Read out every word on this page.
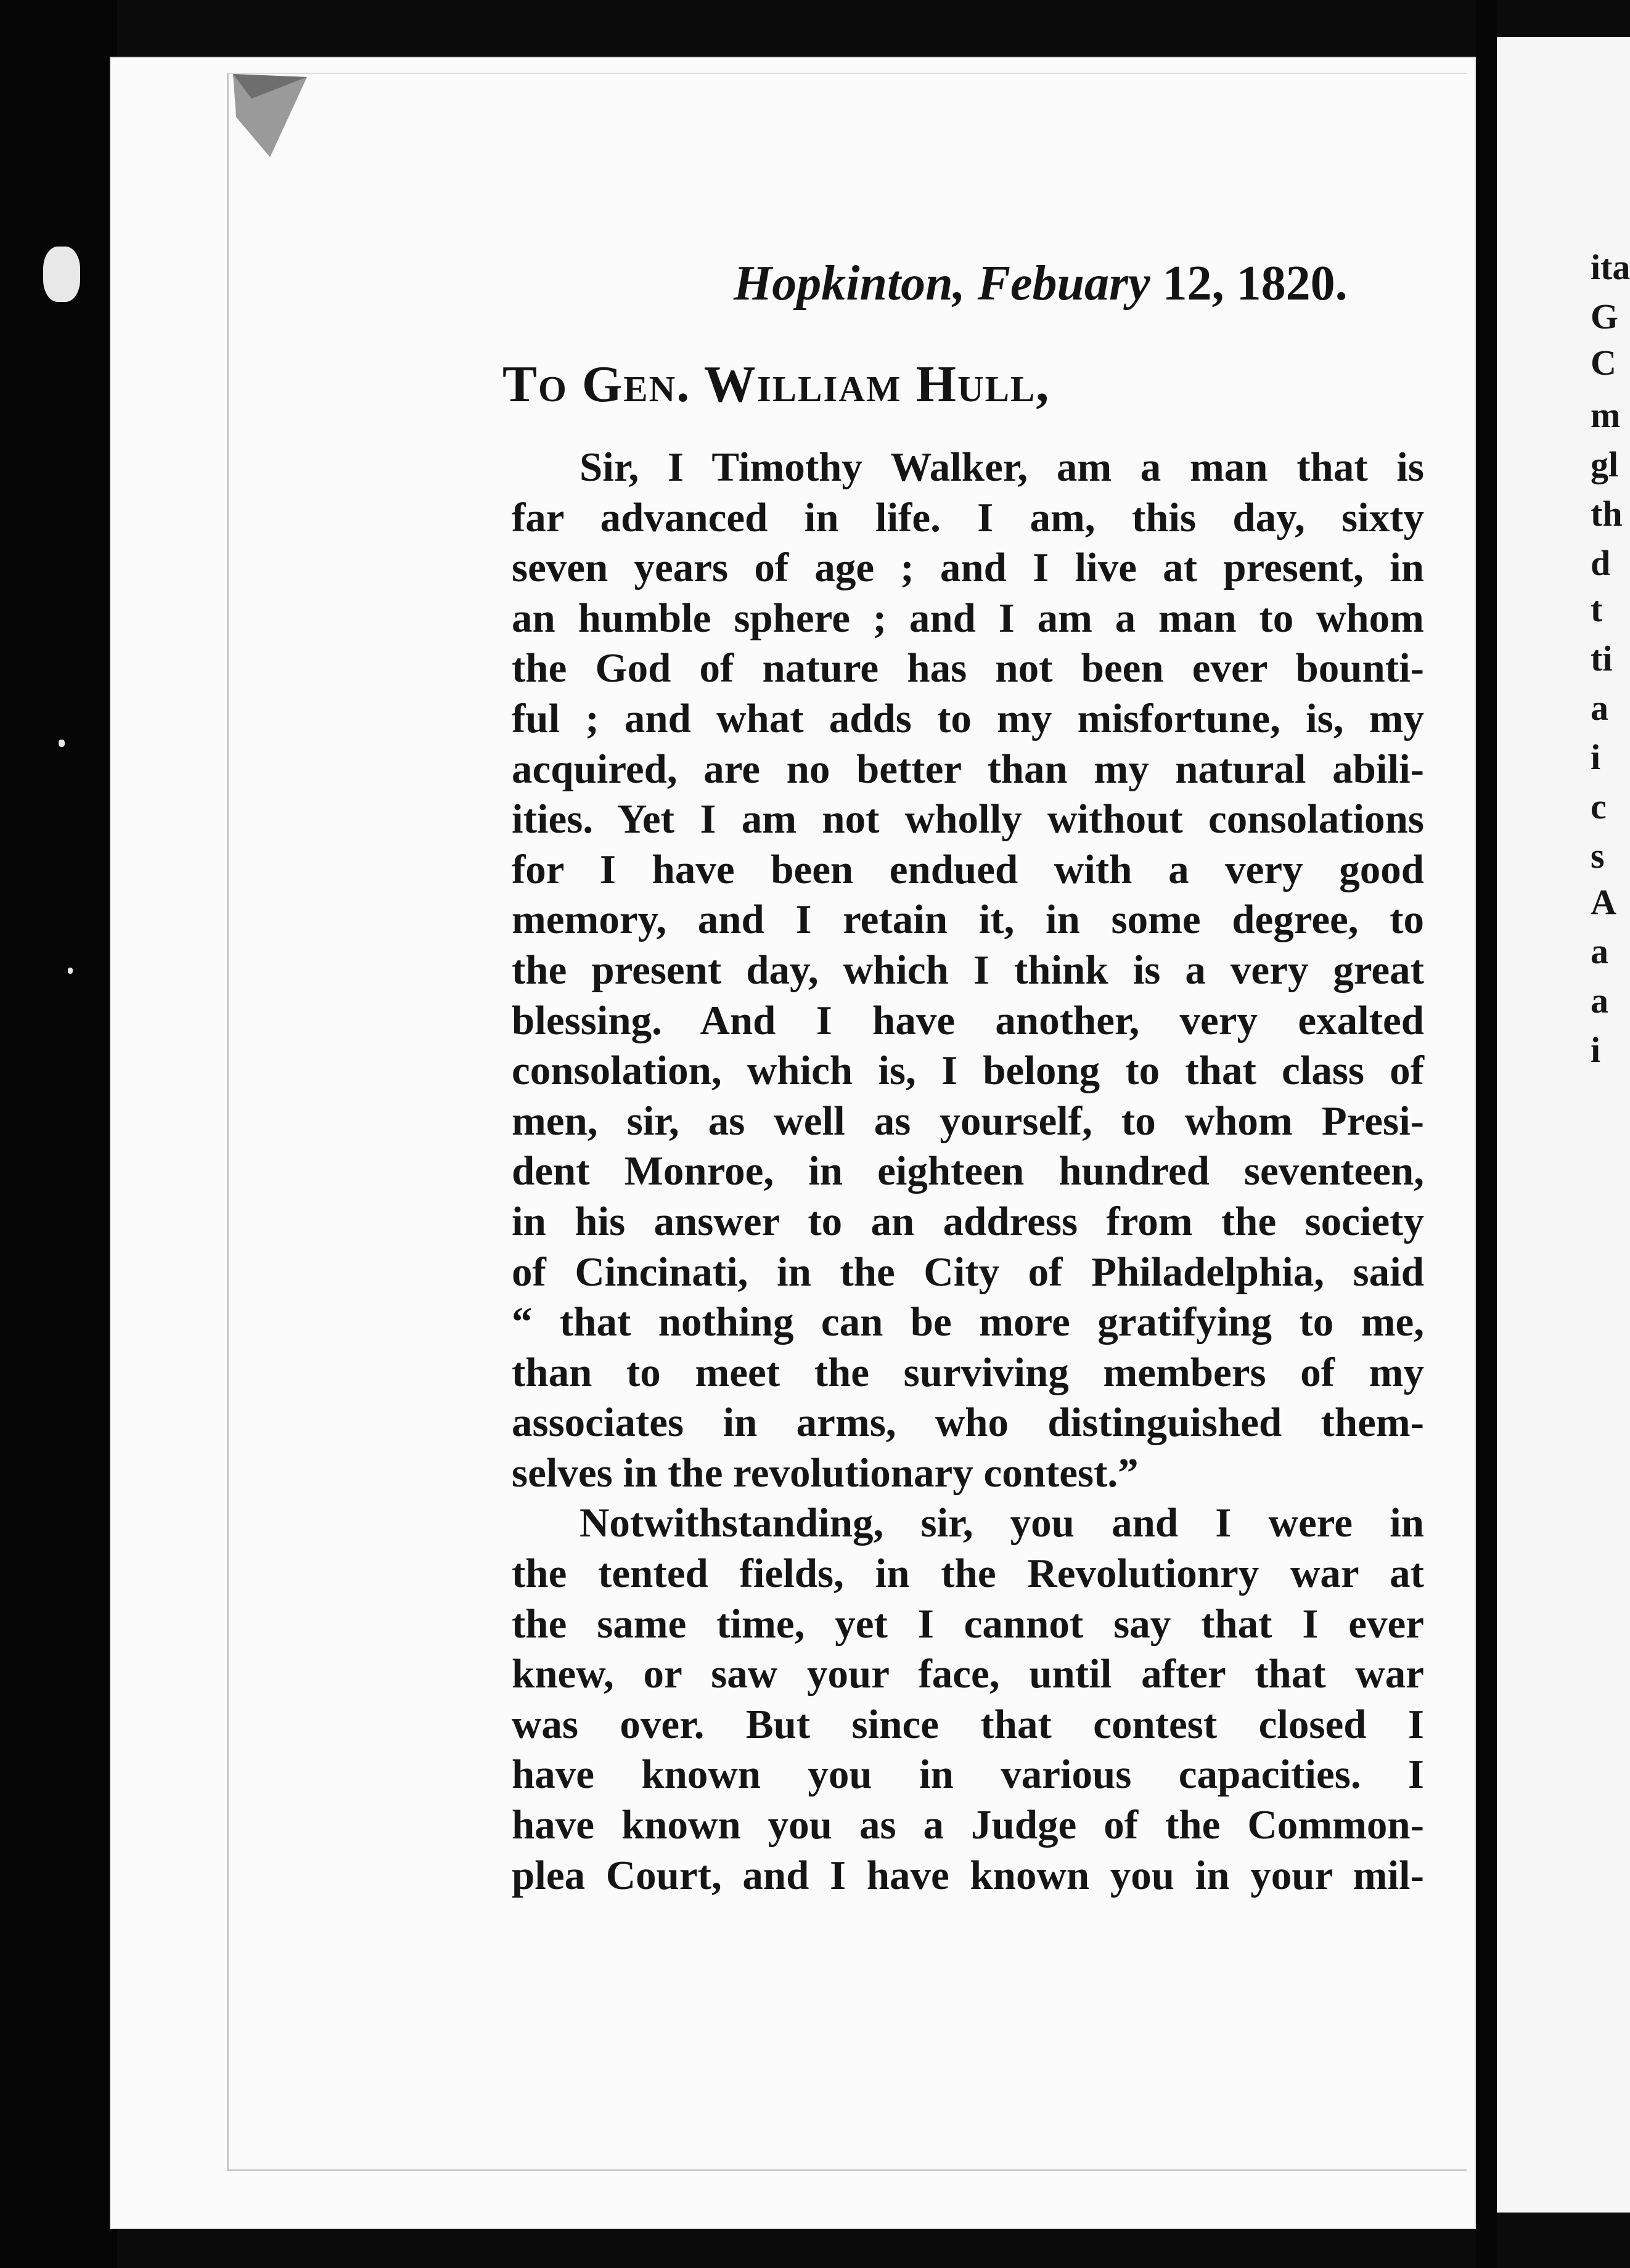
ita
G
C
m
gl
th
d
t
ti
a
i
c
s
A
a
a
i
Hopkinton, Febuary 12, 1820.
To Gen. William Hull,
Sir, I Timothy Walker, am a man that is
far advanced in life. I am, this day, sixty
seven years of age ; and I live at present, in
an humble sphere ; and I am a man to whom
the God of nature has not been ever bounti-
ful ; and what adds to my misfortune, is, my
acquired, are no better than my natural abili-
ities. Yet I am not wholly without consolations
for I have been endued with a very good
memory, and I retain it, in some degree, to
the present day, which I think is a very great
blessing. And I have another, very exalted
consolation, which is, I belong to that class of
men, sir, as well as yourself, to whom Presi-
dent Monroe, in eighteen hundred seventeen,
in his answer to an address from the society
of Cincinati, in the City of Philadelphia, said
“ that nothing can be more gratifying to me,
than to meet the surviving members of my
associates in arms, who distinguished them-
selves in the revolutionary contest.”
Notwithstanding, sir, you and I were in
the tented fields, in the Revolutionry war at
the same time, yet I cannot say that I ever
knew, or saw your face, until after that war
was over. But since that contest closed I
have known you in various capacities. I
have known you as a Judge of the Common-
plea Court, and I have known you in your mil-
